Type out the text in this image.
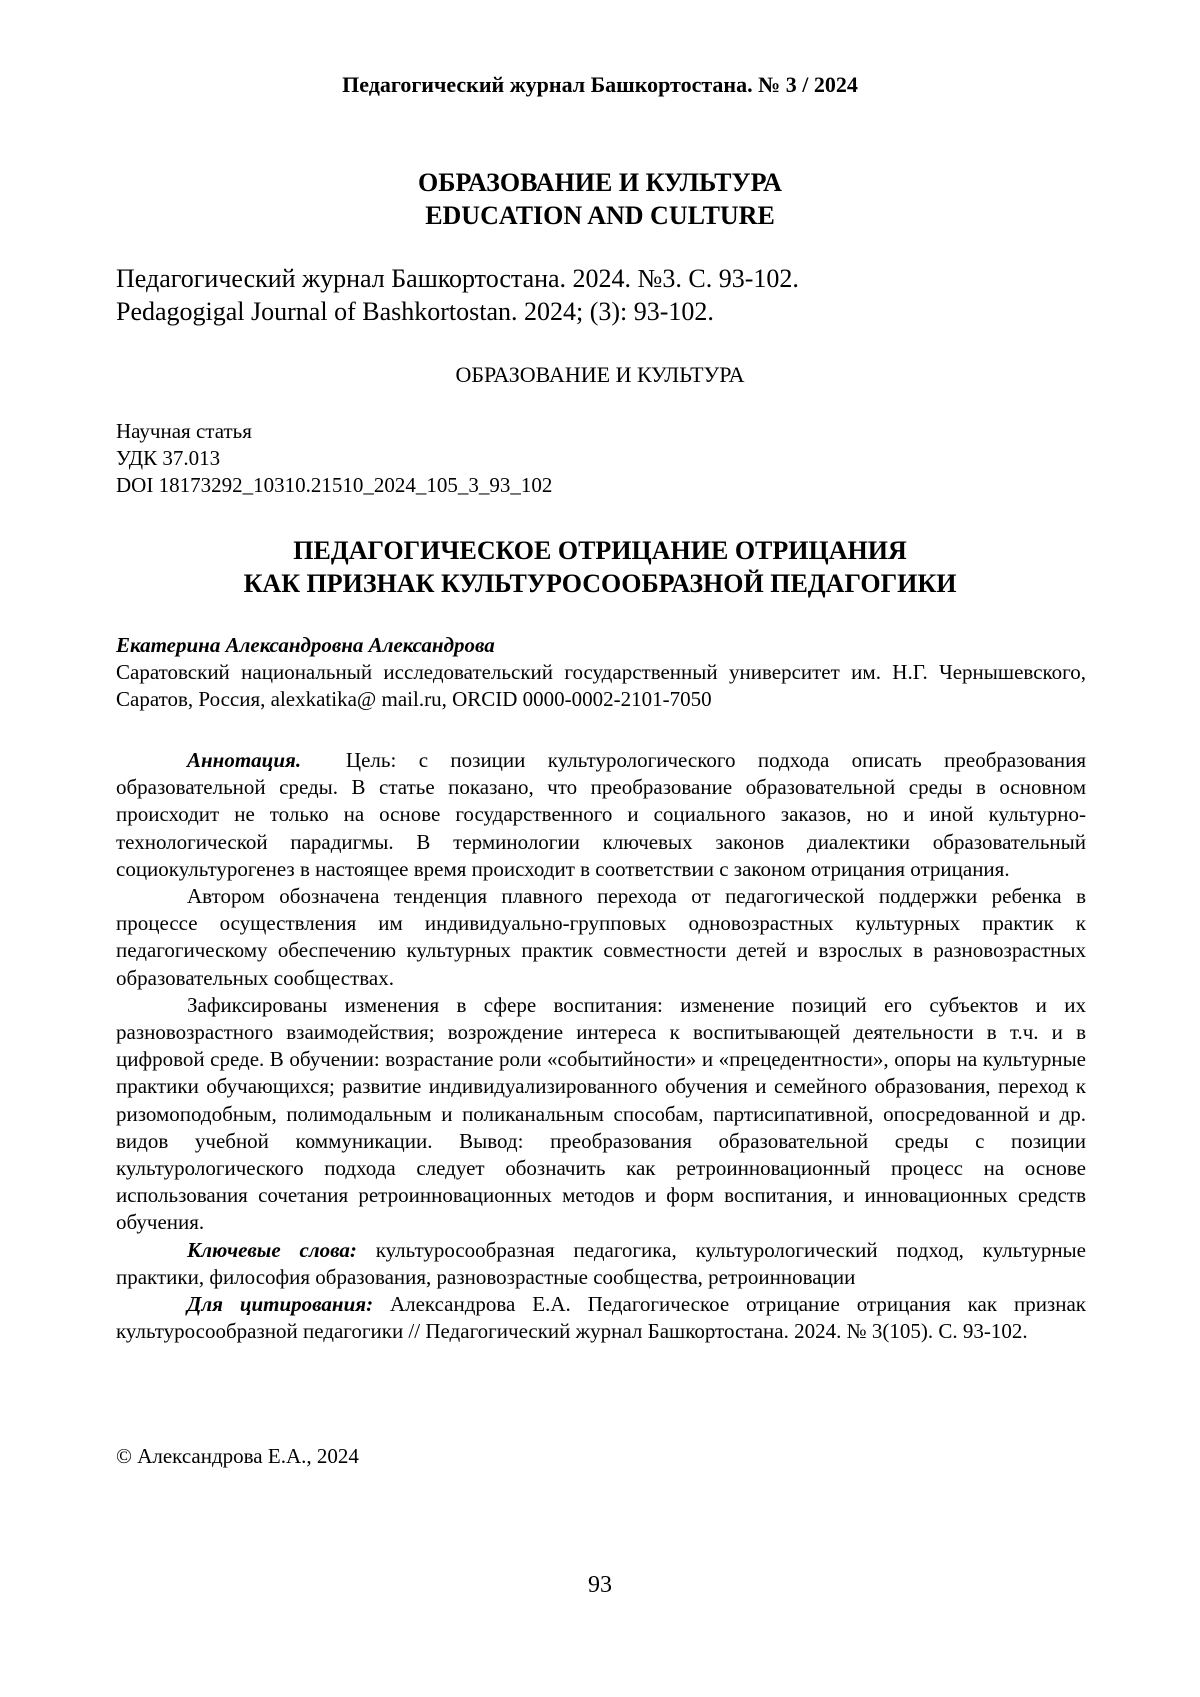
Педагогический журнал Башкортостана. № 3 / 2024
ОБРАЗОВАНИЕ И КУЛЬТУРА
EDUCATION AND CULTURE
Педагогический журнал Башкортостана. 2024. №3. С. 93-102.
Pedagogigal Journal of Bashkortostan. 2024; (3): 93-102.
ОБРАЗОВАНИЕ И КУЛЬТУРА
Научная статья
УДК 37.013
DOI 18173292_10310.21510_2024_105_3_93_102
ПЕДАГОГИЧЕСКОЕ ОТРИЦАНИЕ ОТРИЦАНИЯ
КАК ПРИЗНАК КУЛЬТУРОСООБРАЗНОЙ ПЕДАГОГИКИ
Екатерина Александровна Александрова
Саратовский национальный исследовательский государственный университет им. Н.Г. Чернышевского, Саратов, Россия, alexkatika@ mail.ru, ORCID 0000-0002-2101-7050

Аннотация. Цель: с позиции культурологического подхода описать преобразования образовательной среды. В статье показано, что преобразование образовательной среды в основном происходит не только на основе государственного и социального заказов, но и иной культурно-технологической парадигмы. В терминологии ключевых законов диалектики образовательный социокультурогенез в настоящее время происходит в соответствии с законом отрицания отрицания.

Автором обозначена тенденция плавного перехода от педагогической поддержки ребенка в процессе осуществления им индивидуально-групповых одновозрастных культурных практик к педагогическому обеспечению культурных практик совместности детей и взрослых в разновозрастных образовательных сообществах.

Зафиксированы изменения в сфере воспитания: изменение позиций его субъектов и их разновозрастного взаимодействия; возрождение интереса к воспитывающей деятельности в т.ч. и в цифровой среде. В обучении: возрастание роли «событийности» и «прецедентности», опоры на культурные практики обучающихся; развитие индивидуализированного обучения и семейного образования, переход к ризомоподобным, полимодальным и поликанальным способам, партисипативной, опосредованной и др. видов учебной коммуникации. Вывод: преобразования образовательной среды с позиции культурологического подхода следует обозначить как ретроинновационный процесс на основе использования сочетания ретроинновационных методов и форм воспитания, и инновационных средств обучения.

Ключевые слова: культуросообразная педагогика, культурологический подход, культурные практики, философия образования, разновозрастные сообщества, ретроинновации

Для цитирования: Александрова Е.А. Педагогическое отрицание отрицания как признак культуросообразной педагогики // Педагогический журнал Башкортостана. 2024. № 3(105). С. 93-102.

© Александрова Е.А., 2024
93
